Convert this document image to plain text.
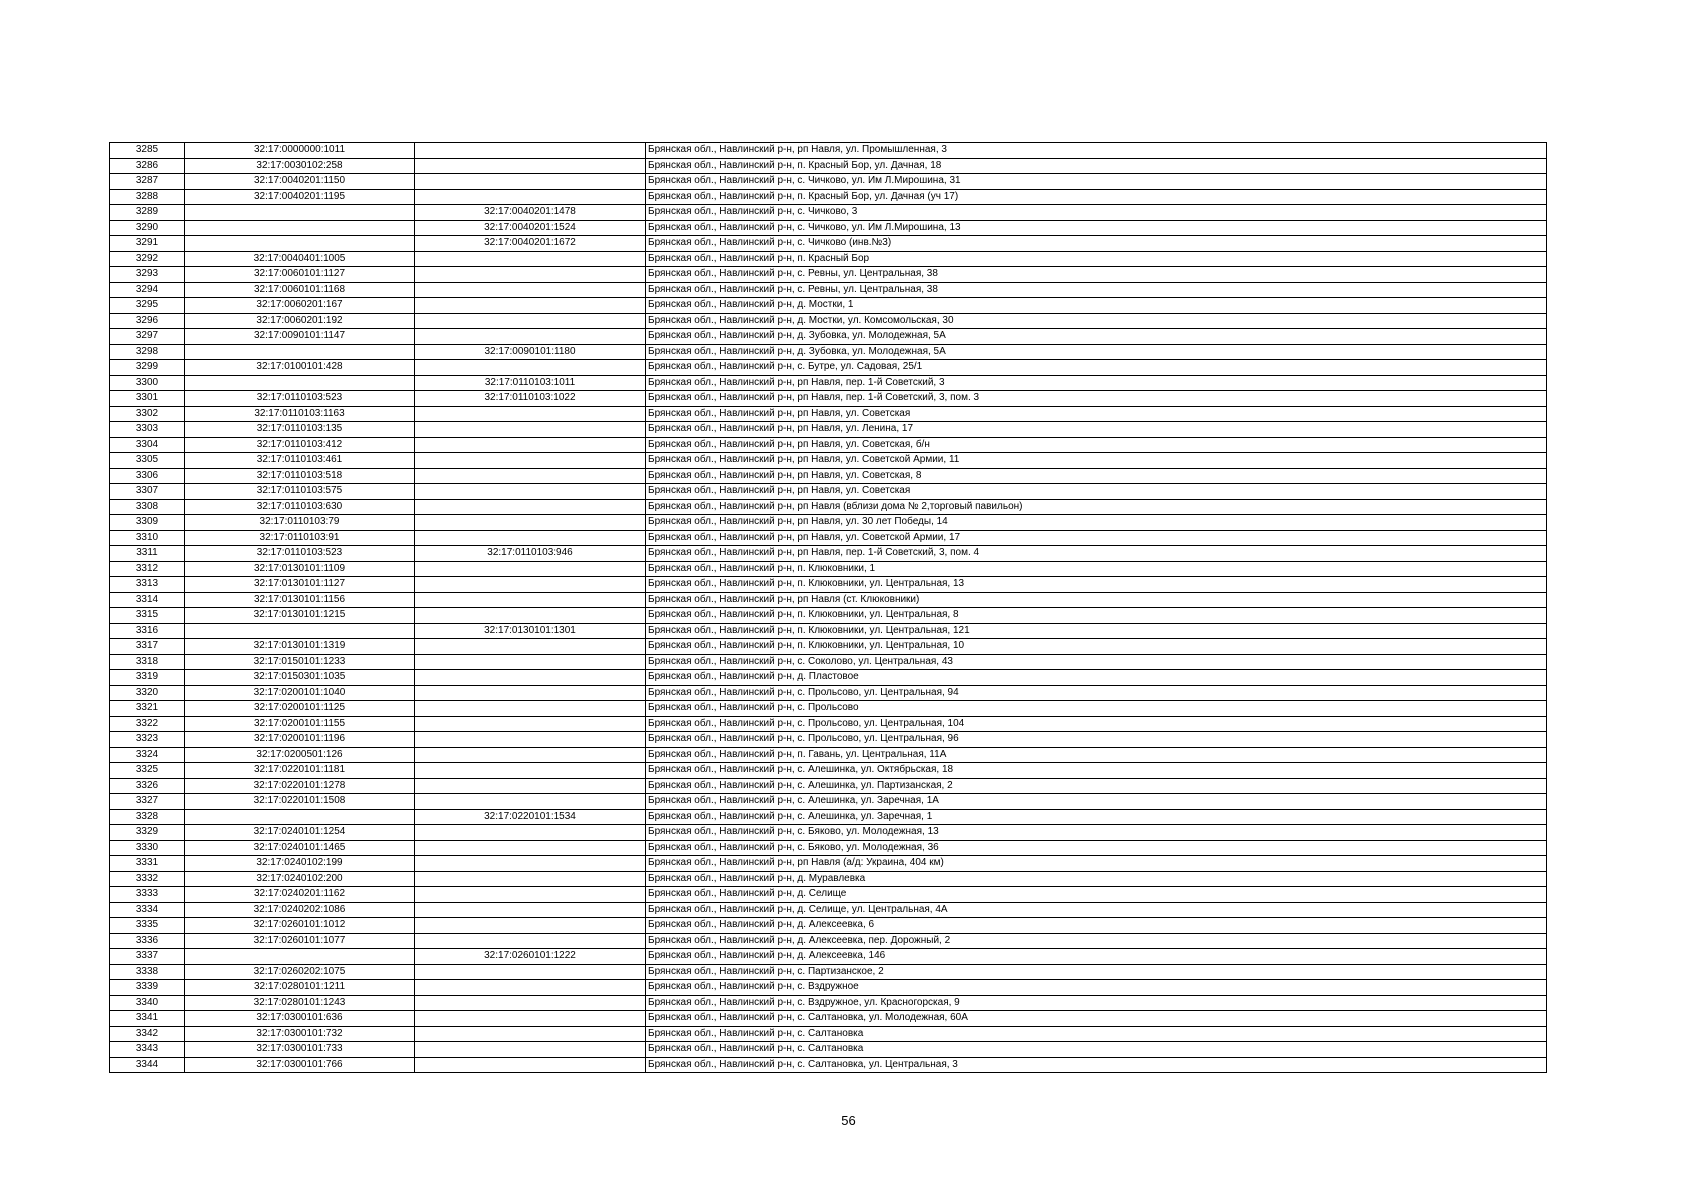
3285	32:17:0000000:1011		Брянская обл., Навлинский р-н, рп Навля, ул. Промышленная, 3
3286	32:17:0030102:258		Брянская обл., Навлинский р-н, п. Красный Бор, ул. Дачная, 18
3287	32:17:0040201:1150		Брянская обл., Навлинский р-н, с. Чичково, ул. Им Л.Мирошина, 31
3288	32:17:0040201:1195		Брянская обл., Навлинский р-н, п. Красный Бор, ул. Дачная (уч 17)
3289		32:17:0040201:1478	Брянская обл., Навлинский р-н, с. Чичково, 3
3290		32:17:0040201:1524	Брянская обл., Навлинский р-н, с. Чичково, ул. Им Л.Мирошина, 13
3291		32:17:0040201:1672	Брянская обл., Навлинский р-н, с. Чичково (инв.№3)
3292	32:17:0040401:1005		Брянская обл., Навлинский р-н, п. Красный Бор
3293	32:17:0060101:1127		Брянская обл., Навлинский р-н, с. Ревны, ул. Центральная, 38
3294	32:17:0060101:1168		Брянская обл., Навлинский р-н, с. Ревны, ул. Центральная, 38
3295	32:17:0060201:167		Брянская обл., Навлинский р-н, д. Мостки, 1
3296	32:17:0060201:192		Брянская обл., Навлинский р-н, д. Мостки, ул. Комсомольская, 30
3297	32:17:0090101:1147		Брянская обл., Навлинский р-н, д. Зубовка, ул. Молодежная, 5А
3298		32:17:0090101:1180	Брянская обл., Навлинский р-н, д. Зубовка, ул. Молодежная, 5А
3299	32:17:0100101:428		Брянская обл., Навлинский р-н, с. Бутре, ул. Садовая, 25/1
3300		32:17:0110103:1011	Брянская обл., Навлинский р-н, рп Навля, пер. 1-й Советский, 3
3301	32:17:0110103:523	32:17:0110103:1022	Брянская обл., Навлинский р-н, рп Навля, пер. 1-й Советский, 3, пом. 3
3302	32:17:0110103:1163		Брянская обл., Навлинский р-н, рп Навля, ул. Советская
3303	32:17:0110103:135		Брянская обл., Навлинский р-н, рп Навля, ул. Ленина, 17
3304	32:17:0110103:412		Брянская обл., Навлинский р-н, рп Навля, ул. Советская, б/н
3305	32:17:0110103:461		Брянская обл., Навлинский р-н, рп Навля, ул. Советской Армии, 11
3306	32:17:0110103:518		Брянская обл., Навлинский р-н, рп Навля, ул. Советская, 8
3307	32:17:0110103:575		Брянская обл., Навлинский р-н, рп Навля, ул. Советская
3308	32:17:0110103:630		Брянская обл., Навлинский р-н, рп Навля (вблизи дома № 2,торговый павильон)
3309	32:17:0110103:79		Брянская обл., Навлинский р-н, рп Навля, ул. 30 лет Победы, 14
3310	32:17:0110103:91		Брянская обл., Навлинский р-н, рп Навля, ул. Советской Армии, 17
3311	32:17:0110103:523	32:17:0110103:946	Брянская обл., Навлинский р-н, рп Навля, пер. 1-й Советский, 3, пом. 4
3312	32:17:0130101:1109		Брянская обл., Навлинский р-н, п. Клюковники, 1
3313	32:17:0130101:1127		Брянская обл., Навлинский р-н, п. Клюковники, ул. Центральная, 13
3314	32:17:0130101:1156		Брянская обл., Навлинский р-н, рп Навля (ст. Клюковники)
3315	32:17:0130101:1215		Брянская обл., Навлинский р-н, п. Клюковники, ул. Центральная, 8
3316		32:17:0130101:1301	Брянская обл., Навлинский р-н, п. Клюковники, ул. Центральная, 121
3317	32:17:0130101:1319		Брянская обл., Навлинский р-н, п. Клюковники, ул. Центральная, 10
3318	32:17:0150101:1233		Брянская обл., Навлинский р-н, с. Соколово, ул. Центральная, 43
3319	32:17:0150301:1035		Брянская обл., Навлинский р-н, д. Пластовое
3320	32:17:0200101:1040		Брянская обл., Навлинский р-н, с. Прольсово, ул. Центральная, 94
3321	32:17:0200101:1125		Брянская обл., Навлинский р-н, с. Прольсово
3322	32:17:0200101:1155		Брянская обл., Навлинский р-н, с. Прольсово, ул. Центральная, 104
3323	32:17:0200101:1196		Брянская обл., Навлинский р-н, с. Прольсово, ул. Центральная, 96
3324	32:17:0200501:126		Брянская обл., Навлинский р-н, п. Гавань, ул. Центральная, 11А
3325	32:17:0220101:1181		Брянская обл., Навлинский р-н, с. Алешинка, ул. Октябрьская, 18
3326	32:17:0220101:1278		Брянская обл., Навлинский р-н, с. Алешинка, ул. Партизанская, 2
3327	32:17:0220101:1508		Брянская обл., Навлинский р-н, с. Алешинка, ул. Заречная, 1А
3328		32:17:0220101:1534	Брянская обл., Навлинский р-н, с. Алешинка, ул. Заречная, 1
3329	32:17:0240101:1254		Брянская обл., Навлинский р-н, с. Бяково, ул. Молодежная, 13
3330	32:17:0240101:1465		Брянская обл., Навлинский р-н, с. Бяково, ул. Молодежная, 36
3331	32:17:0240102:199		Брянская обл., Навлинский р-н, рп Навля (а/д: Украина, 404 км)
3332	32:17:0240102:200		Брянская обл., Навлинский р-н, д. Муравлевка
3333	32:17:0240201:1162		Брянская обл., Навлинский р-н, д. Селище
3334	32:17:0240202:1086		Брянская обл., Навлинский р-н, д. Селище, ул. Центральная, 4А
3335	32:17:0260101:1012		Брянская обл., Навлинский р-н, д. Алексеевка, 6
3336	32:17:0260101:1077		Брянская обл., Навлинский р-н, д. Алексеевка, пер. Дорожный, 2
3337		32:17:0260101:1222	Брянская обл., Навлинский р-н, д. Алексеевка, 146
3338	32:17:0260202:1075		Брянская обл., Навлинский р-н, с. Партизанское, 2
3339	32:17:0280101:1211		Брянская обл., Навлинский р-н, с. Вздружное
3340	32:17:0280101:1243		Брянская обл., Навлинский р-н, с. Вздружное, ул. Красногорская, 9
3341	32:17:0300101:636		Брянская обл., Навлинский р-н, с. Салтановка, ул. Молодежная, 60А
3342	32:17:0300101:732		Брянская обл., Навлинский р-н, с. Салтановка
3343	32:17:0300101:733		Брянская обл., Навлинский р-н, с. Салтановка
3344	32:17:0300101:766		Брянская обл., Навлинский р-н, с. Салтановка, ул. Центральная, 3
56
